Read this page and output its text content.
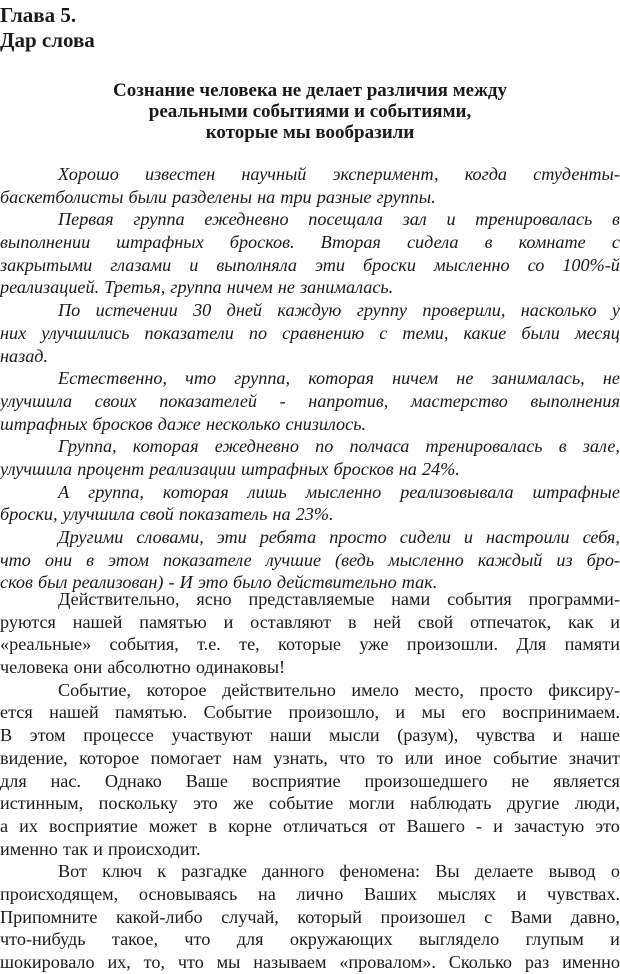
Глава 5.
Дар слова
Сознание человека не делает различия между
реальными событиями и событиями,
которые мы вообразили
Хорошо известен научный эксперимент, когда студенты-
баскетболисты были разделены на три разные группы.
Первая группа ежедневно посещала зал и тренировалась в
выполнении штрафных бросков. Вторая сидела в комнате с
закрытыми глазами и выполняла эти броски мысленно со 100%-й
реализацией. Третья, группа ничем не занималась.
По истечении 30 дней каждую группу проверили, насколько у
них улучшились показатели по сравнению с теми, какие были месяц
назад.
Естественно, что группа, которая ничем не занималась, не
улучшила своих показателей - напротив, мастерство выполнения
штрафных бросков даже несколько снизилось.
Группа, которая ежедневно по полчаса тренировалась в зале,
улучшила процент реализации штрафных бросков на 24%.
А группа, которая лишь мысленно реализовывала штрафные
броски, улучшила свой показатель на 23%.
Другими словами, эти ребята просто сидели и настроили себя,
что они в этом показателе лучшие (ведь мысленно каждый из бро-
сков был реализован) - И это было действительно так.
Действительно, ясно представляемые нами события программи-
руются нашей памятью и оставляют в ней свой отпечаток, как и
«реальные» события, т.е. те, которые уже произошли. Для памяти
человека они абсолютно одинаковы!
Событие, которое действительно имело место, просто фиксиру-
ется нашей памятью. Событие произошло, и мы его воспринимаем.
В этом процессе участвуют наши мысли (разум), чувства и наше
видение, которое помогает нам узнать, что то или иное событие значит
для нас. Однако Ваше восприятие произошедшего не является
истинным, поскольку это же событие могли наблюдать другие люди,
а их восприятие может в корне отличаться от Вашего - и зачастую это
именно так и происходит.
Вот ключ к разгадке данного феномена: Вы делаете вывод о
происходящем, основываясь на лично Ваших мыслях и чувствах.
Припомните какой-либо случай, который произошел с Вами давно,
что-нибудь такое, что для окружающих выглядело глупым и
шокировало их, то, что мы называем «провалом». Сколько раз именно
